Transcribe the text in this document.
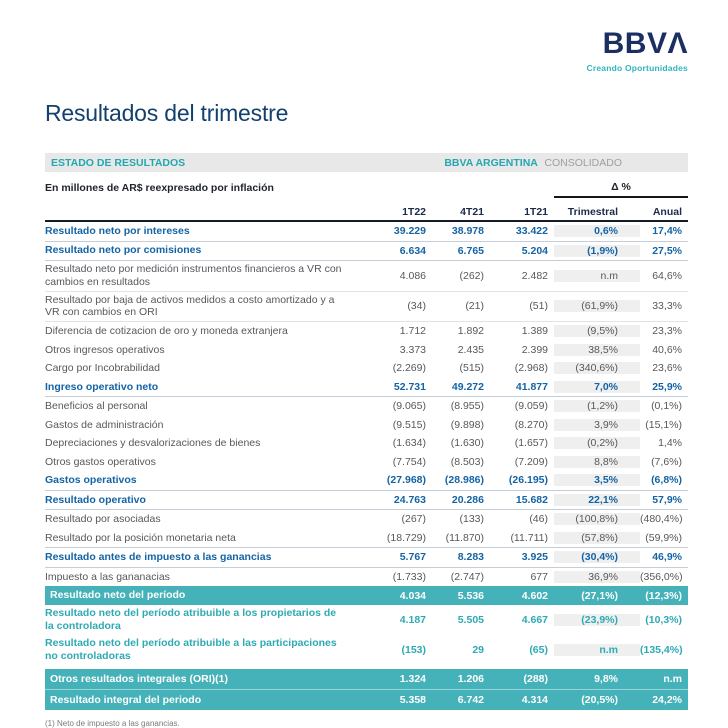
BBVΛ
Creando Oportunidades
Resultados del trimestre
ESTADO DE RESULTADOS	BBVA ARGENTINA CONSOLIDADO
En millones de AR$ reexpresado por inflación	Δ %
1T22	4T21	1T21	Trimestral	Anual
Resultado neto por intereses	39.229	38.978	33.422	0,6%	17,4%
Resultado neto por comisiones	6.634	6.765	5.204	(1,9%)	27,5%
Resultado neto por medición instrumentos financieros a VR con cambios en resultados	4.086	(262)	2.482	n.m	64,6%
Resultado por baja de activos medidos a costo amortizado y a VR con cambios en ORI	(34)	(21)	(51)	(61,9%)	33,3%
Diferencia de cotizacion de oro y moneda extranjera	1.712	1.892	1.389	(9,5%)	23,3%
Otros ingresos operativos	3.373	2.435	2.399	38,5%	40,6%
Cargo por Incobrabilidad	(2.269)	(515)	(2.968)	(340,6%)	23,6%
Ingreso operativo neto	52.731	49.272	41.877	7,0%	25,9%
Beneficios al personal	(9.065)	(8.955)	(9.059)	(1,2%)	(0,1%)
Gastos de administración	(9.515)	(9.898)	(8.270)	3,9%	(15,1%)
Depreciaciones y desvalorizaciones de bienes	(1.634)	(1.630)	(1.657)	(0,2%)	1,4%
Otros gastos operativos	(7.754)	(8.503)	(7.209)	8,8%	(7,6%)
Gastos operativos	(27.968)	(28.986)	(26.195)	3,5%	(6,8%)
Resultado operativo	24.763	20.286	15.682	22,1%	57,9%
Resultado por asociadas	(267)	(133)	(46)	(100,8%)	(480,4%)
Resultado por la posición monetaria neta	(18.729)	(11.870)	(11.711)	(57,8%)	(59,9%)
Resultado antes de impuesto a las ganancias	5.767	8.283	3.925	(30,4%)	46,9%
Impuesto a las gananacias	(1.733)	(2.747)	677	36,9%	(356,0%)
Resultado neto del período	4.034	5.536	4.602	(27,1%)	(12,3%)
Resultado neto del período atribuible a los propietarios de la controladora	4.187	5.505	4.667	(23,9%)	(10,3%)
Resultado neto del período atribuible a las participaciones no controladoras	(153)	29	(65)	n.m	(135,4%)
Otros resultados integrales (ORI)(1)	1.324	1.206	(288)	9,8%	n.m
Resultado integral del periodo	5.358	6.742	4.314	(20,5%)	24,2%
(1) Neto de impuesto a las ganancias.
